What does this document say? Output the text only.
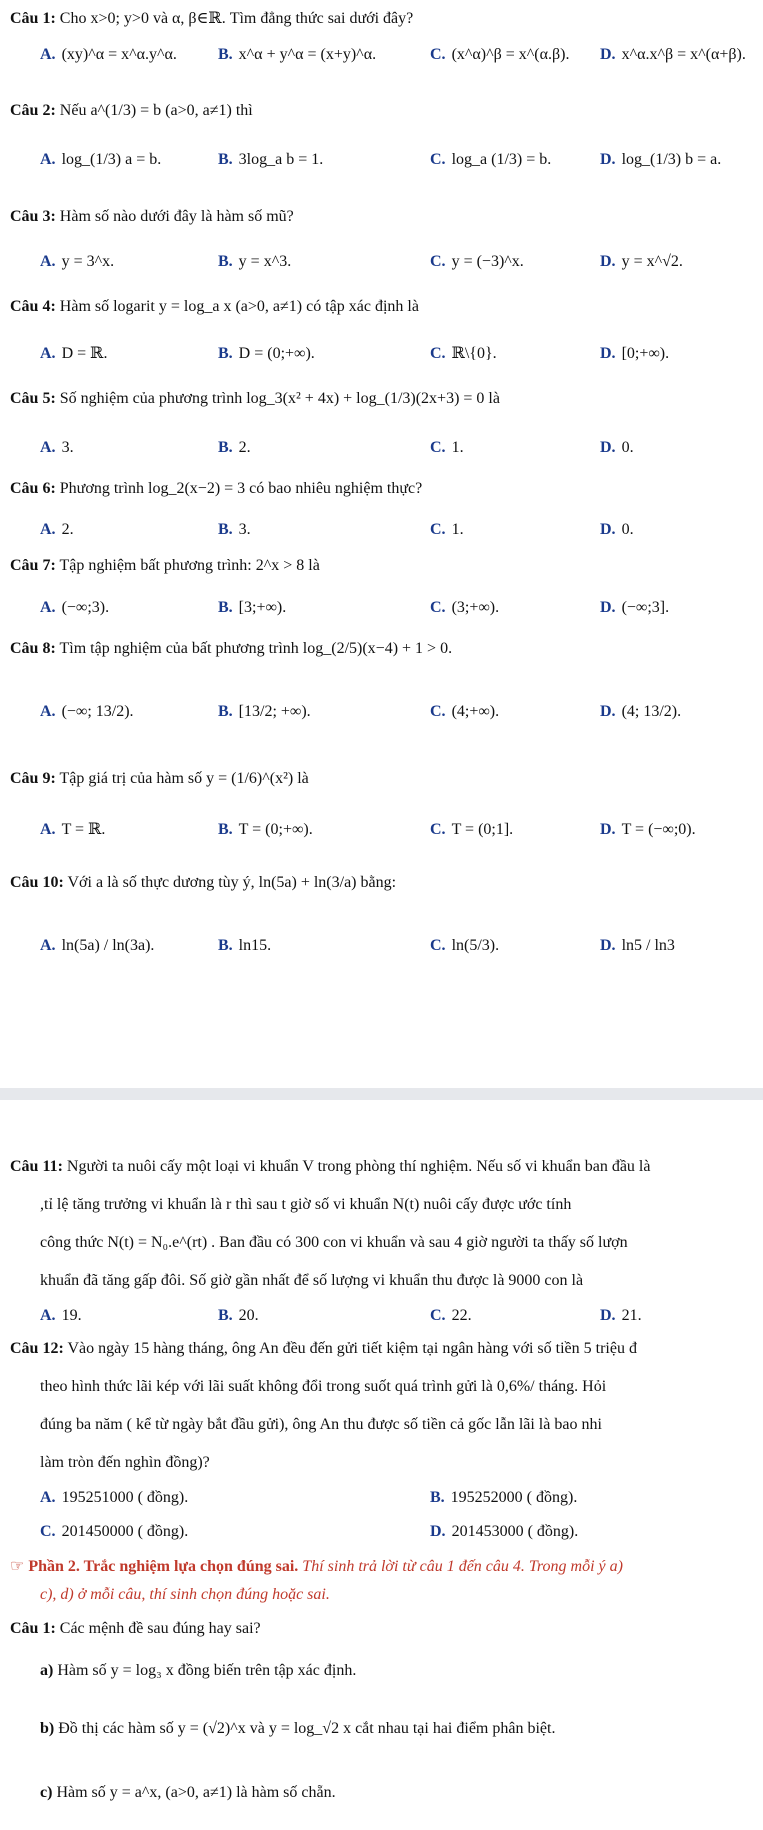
Câu 1: Cho x>0; y>0 và α, β∈ℝ. Tìm đẳng thức sai dưới đây?
A. (xy)^α = x^α.y^α.	B. x^α + y^α = (x+y)^α.	C. (x^α)^β = x^(α.β). D. x^α.x^β = x^(α+β).
Câu 2: Nếu a^(1/3) = b (a>0, a≠1) thì
A. log_(1/3) a = b.	B. 3log_a b = 1.	C. log_a (1/3) = b.	D. log_(1/3) b = a.
Câu 3: Hàm số nào dưới đây là hàm số mũ?
A. y = 3^x.	B. y = x^3.	C. y = (−3)^x.	D. y = x^√2.
Câu 4: Hàm số logarit y = log_a x (a>0, a≠1) có tập xác định là
A. D = ℝ.	B. D = (0;+∞).	C. ℝ\{0}.	D. [0;+∞).
Câu 5: Số nghiệm của phương trình log_3(x² + 4x) + log_(1/3)(2x+3) = 0 là
A. 3.	B. 2.	C. 1.	D. 0.
Câu 6: Phương trình log_2(x−2) = 3 có bao nhiêu nghiệm thực?
A. 2.	B. 3.	C. 1.	D. 0.
Câu 7: Tập nghiệm bất phương trình: 2^x > 8 là
A. (−∞;3).	B. [3;+∞).	C. (3;+∞).	D. (−∞;3].
Câu 8: Tìm tập nghiệm của bất phương trình log_(2/5)(x−4) + 1 > 0.
A. (−∞; 13/2).	B. [13/2; +∞).	C. (4;+∞).	D. (4; 13/2).
Câu 9: Tập giá trị của hàm số y = (1/6)^(x²) là
A. T = ℝ.	B. T = (0;+∞).	C. T = (0;1].	D. T = (−∞;0).
Câu 10: Với a là số thực dương tùy ý, ln(5a) + ln(3/a) bằng:
A. ln(5a) / ln(3a).	B. ln15.	C. ln(5/3).	D. ln5 / ln3
Câu 11: Người ta nuôi cấy một loại vi khuẩn V trong phòng thí nghiệm. Nếu số vi khuẩn ban đầu là
,tỉ lệ tăng trưởng vi khuẩn là r thì sau t giờ số vi khuẩn N(t) nuôi cấy được ước tính
công thức N(t) = N₀.e^(rt) . Ban đầu có 300 con vi khuẩn và sau 4 giờ người ta thấy số lượn
khuẩn đã tăng gấp đôi. Số giờ gần nhất để số lượng vi khuẩn thu được là 9000 con là
A. 19.	B. 20.	C. 22.	D. 21.
Câu 12: Vào ngày 15 hàng tháng, ông An đều đến gửi tiết kiệm tại ngân hàng với số tiền 5 triệu đ
theo hình thức lãi kép với lãi suất không đổi trong suốt quá trình gửi là 0,6%/ tháng. Hỏi
đúng ba năm ( kể từ ngày bắt đầu gửi), ông An thu được số tiền cả gốc lẫn lãi là bao nhi
làm tròn đến nghìn đồng)?
A. 195251000 ( đồng).	B. 195252000 ( đồng).
C. 201450000 ( đồng).	D. 201453000 ( đồng).
☞ Phần 2. Trắc nghiệm lựa chọn đúng sai. Thí sinh trả lời từ câu 1 đến câu 4. Trong mỗi ý a)
c), d) ở mỗi câu, thí sinh chọn đúng hoặc sai.
Câu 1: Các mệnh đề sau đúng hay sai?
a) Hàm số y = log₃ x đồng biến trên tập xác định.
b) Đồ thị các hàm số y = (√2)^x và y = log_√2 x cắt nhau tại hai điểm phân biệt.
c) Hàm số y = a^x, (a>0, a≠1) là hàm số chẵn.
